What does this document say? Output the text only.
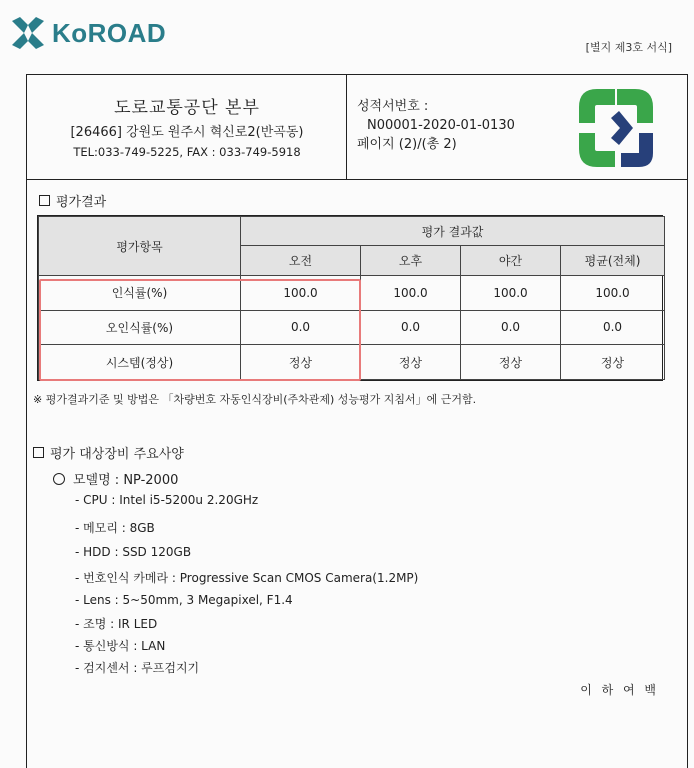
KoROAD	[별지 제3호 서식]
도로교통공단 본부
[26466] 강원도 원주시 혁신로2(반곡동)
TEL:033-749-5225, FAX : 033-749-5918
성적서번호 :
N00001-2020-01-0130
페이지 (2)/(총 2)
평가결과
평가항목	평가 결과값			
	오전	오후	야간	평균(전체)
인식률(%)	100.0	100.0	100.0	100.0
오인식률(%)	0.0	0.0	0.0	0.0
시스템(정상)	정상	정상	정상	정상
※ 평가결과기준 및 방법은 「차량번호 자동인식장비(주차관제) 성능평가 지침서」에 근거함.
평가 대상장비 주요사양
모델명 : NP-2000
- CPU : Intel i5-5200u 2.20GHz
- 메모리 : 8GB
- HDD : SSD 120GB
- 번호인식 카메라 : Progressive Scan CMOS Camera(1.2MP)
- Lens : 5~50mm, 3 Megapixel, F1.4
- 조명 : IR LED
- 통신방식 : LAN
- 검지센서 : 루프검지기
이 하 여 백
